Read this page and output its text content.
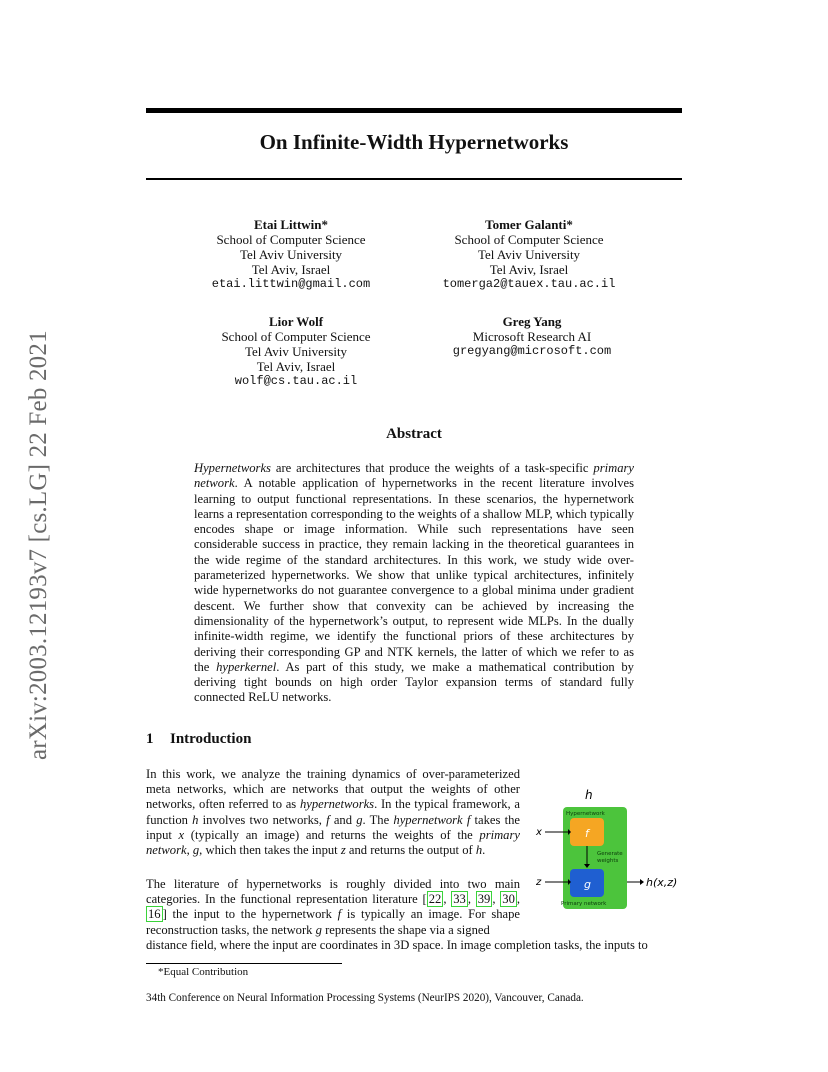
arXiv:2003.12193v7 [cs.LG] 22 Feb 2021
On Infinite-Width Hypernetworks
Etai Littwin*
School of Computer Science
Tel Aviv University
Tel Aviv, Israel
etai.littwin@gmail.com
Tomer Galanti*
School of Computer Science
Tel Aviv University
Tel Aviv, Israel
tomerga2@tauex.tau.ac.il
Lior Wolf
School of Computer Science
Tel Aviv University
Tel Aviv, Israel
wolf@cs.tau.ac.il
Greg Yang
Microsoft Research AI
gregyang@microsoft.com
Abstract
Hypernetworks are architectures that produce the weights of a task-specific primary network. A notable application of hypernetworks in the recent literature involves learning to output functional representations. In these scenarios, the hypernetwork learns a representation corresponding to the weights of a shallow MLP, which typically encodes shape or image information. While such representations have seen considerable success in practice, they remain lacking in the theoretical guarantees in the wide regime of the standard architectures. In this work, we study wide over-parameterized hypernetworks. We show that unlike typical architectures, infinitely wide hypernetworks do not guarantee convergence to a global minima under gradient descent. We further show that convexity can be achieved by increasing the dimensionality of the hypernetwork’s output, to represent wide MLPs. In the dually infinite-width regime, we identify the functional priors of these architectures by deriving their corresponding GP and NTK kernels, the latter of which we refer to as the hyperkernel. As part of this study, we make a mathematical contribution by deriving tight bounds on high order Taylor expansion terms of standard fully connected ReLU networks.
1 Introduction
In this work, we analyze the training dynamics of over-parameterized meta networks, which are networks that output the weights of other networks, often referred to as hypernetworks. In the typical framework, a function h involves two networks, f and g. The hypernetwork f takes the input x (typically an image) and returns the weights of the primary network, g, which then takes the input z and returns the output of h.
The literature of hypernetworks is roughly divided into two main categories. In the functional representation literature [ 22 , 33 , 39 , 30 , 16 ] the input to the hypernetwork f is typically an image. For shape reconstruction tasks, the network g represents the shape via a signed
distance field, where the input are coordinates in 3D space. In image completion tasks, the inputs to
h
Hypernetwork
f
x
Generate
weights
g
Primary network
z	h(x,z)
*Equal Contribution
34th Conference on Neural Information Processing Systems (NeurIPS 2020), Vancouver, Canada.
